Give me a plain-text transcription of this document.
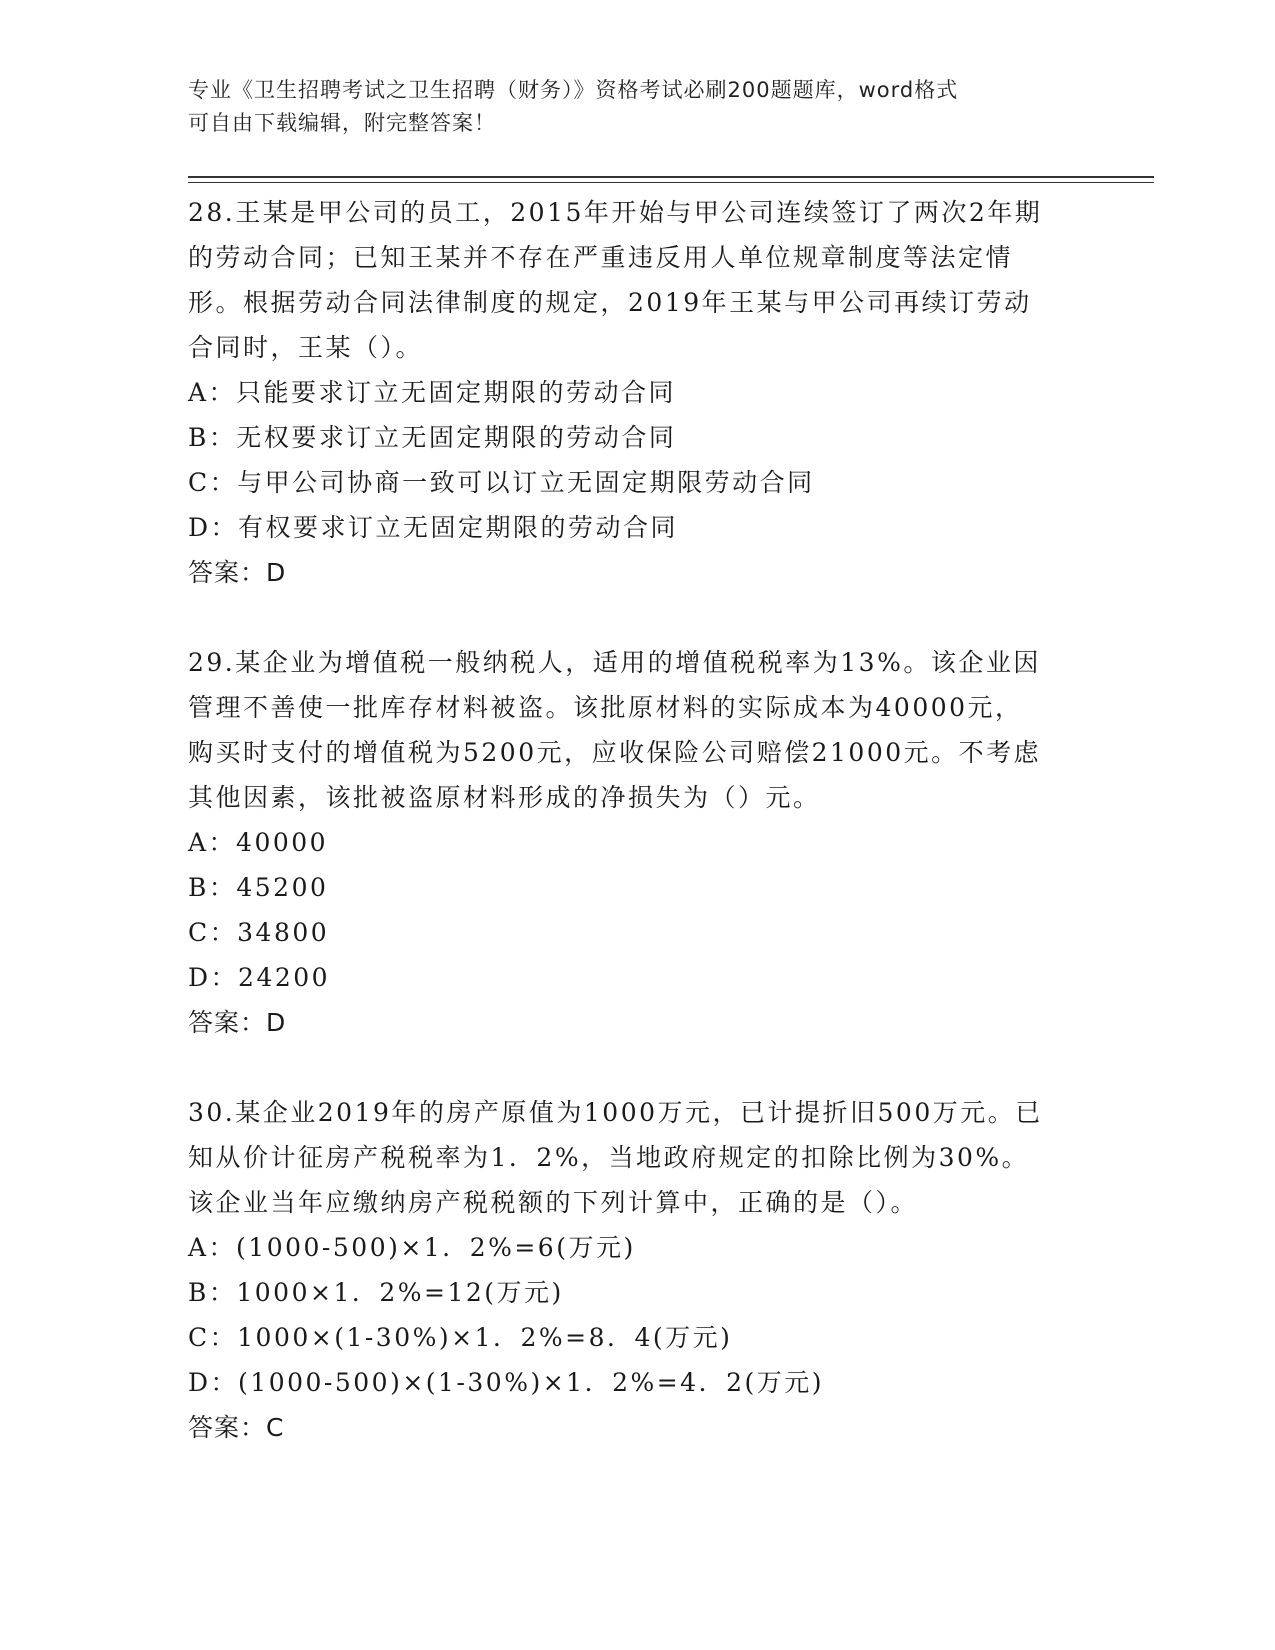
专业《卫生招聘考试之卫生招聘（财务）》资格考试必刷200题题库，word格式
可自由下载编辑，附完整答案！

28.王某是甲公司的员工，2015年开始与甲公司连续签订了两次2年期

的劳动合同；已知王某并不存在严重违反用人单位规章制度等法定情

形。根据劳动合同法律制度的规定，2019年王某与甲公司再续订劳动

合同时，王某（）。

A：只能要求订立无固定期限的劳动合同

B：无权要求订立无固定期限的劳动合同

C：与甲公司协商一致可以订立无固定期限劳动合同

D：有权要求订立无固定期限的劳动合同

答案：D

29.某企业为增值税一般纳税人，适用的增值税税率为13%。该企业因

管理不善使一批库存材料被盗。该批原材料的实际成本为40000元，

购买时支付的增值税为5200元，应收保险公司赔偿21000元。不考虑

其他因素，该批被盗原材料形成的净损失为（）元。

A：40000

B：45200

C：34800

D：24200

答案：D

30.某企业2019年的房产原值为1000万元，已计提折旧500万元。已

知从价计征房产税税率为1．2%，当地政府规定的扣除比例为30%。

该企业当年应缴纳房产税税额的下列计算中，正确的是（）。

A：(1000-500)×1．2%=6(万元)

B：1000×1．2%=12(万元)

C：1000×(1-30%)×1．2%=8．4(万元)

D：(1000-500)×(1-30%)×1．2%=4．2(万元)

答案：C
